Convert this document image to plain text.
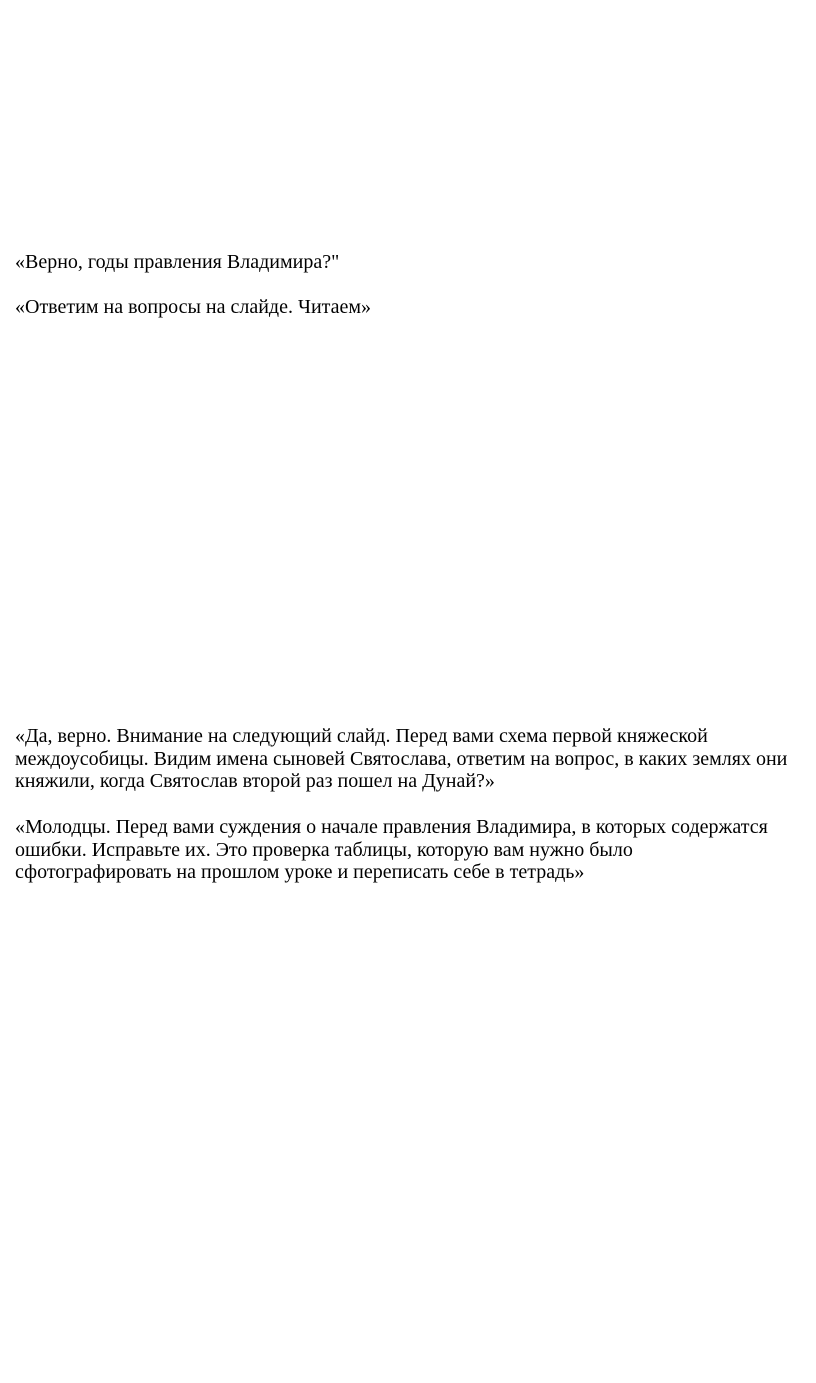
«Верно, годы правления Владимира?"

«Ответим на вопросы на слайде. Читаем»

«Да, верно. Внимание на следующий слайд. Перед вами схема первой княжеской
междоусобицы. Видим имена сыновей Святослава, ответим на вопрос, в каких землях они
княжили, когда Святослав второй раз пошел на Дунай?»

«Молодцы. Перед вами суждения о начале правления Владимира, в которых содержатся
ошибки. Исправьте их. Это проверка таблицы, которую вам нужно было
сфотографировать на прошлом уроке и переписать себе в тетрадь»
